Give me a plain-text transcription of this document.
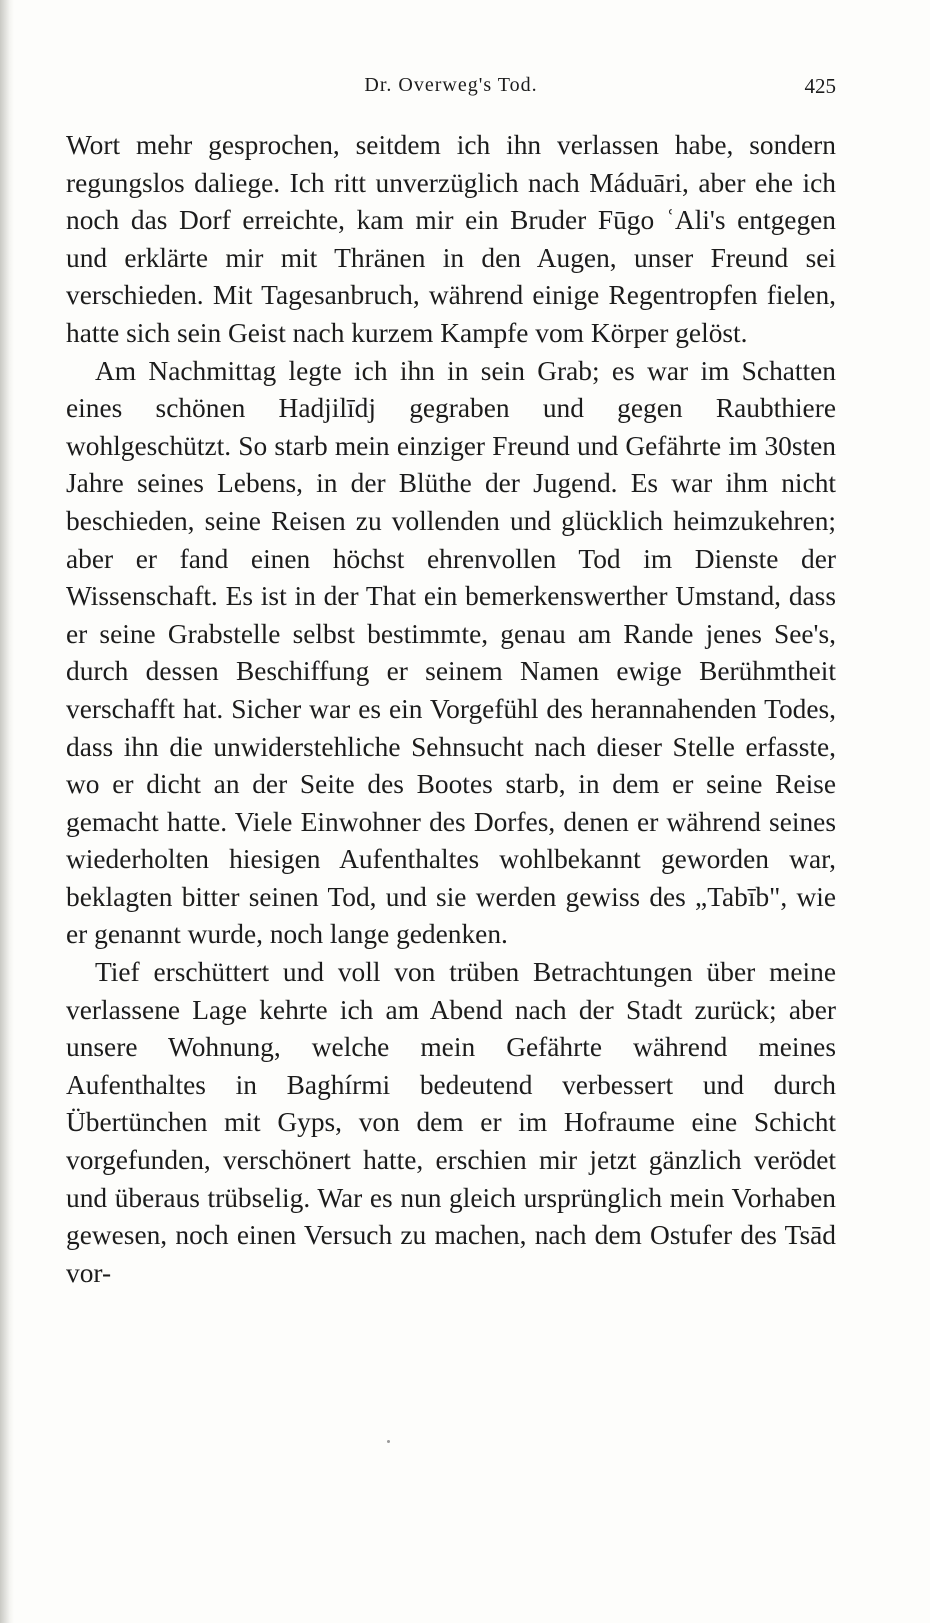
Dr. Overweg's Tod.	425

Wort mehr gesprochen, seitdem ich ihn verlassen habe, sondern regungslos daliege. Ich ritt unverzüglich nach Máduāri, aber ehe ich noch das Dorf erreichte, kam mir ein Bruder Fūgo ʿAli's entgegen und erklärte mir mit Thränen in den Augen, unser Freund sei verschieden. Mit Tagesanbruch, während einige Regentropfen fielen, hatte sich sein Geist nach kurzem Kampfe vom Körper gelöst.

Am Nachmittag legte ich ihn in sein Grab; es war im Schatten eines schönen Hadjilīdj gegraben und gegen Raubthiere wohlgeschützt. So starb mein einziger Freund und Gefährte im 30sten Jahre seines Lebens, in der Blüthe der Jugend. Es war ihm nicht beschieden, seine Reisen zu vollenden und glücklich heimzukehren; aber er fand einen höchst ehrenvollen Tod im Dienste der Wissenschaft. Es ist in der That ein bemerkenswerther Umstand, dass er seine Grabstelle selbst bestimmte, genau am Rande jenes See's, durch dessen Beschiffung er seinem Namen ewige Berühmtheit verschafft hat. Sicher war es ein Vorgefühl des herannahenden Todes, dass ihn die unwiderstehliche Sehnsucht nach dieser Stelle erfasste, wo er dicht an der Seite des Bootes starb, in dem er seine Reise gemacht hatte. Viele Einwohner des Dorfes, denen er während seines wiederholten hiesigen Aufenthaltes wohlbekannt geworden war, beklagten bitter seinen Tod, und sie werden gewiss des „Tabīb", wie er genannt wurde, noch lange gedenken.

Tief erschüttert und voll von trüben Betrachtungen über meine verlassene Lage kehrte ich am Abend nach der Stadt zurück; aber unsere Wohnung, welche mein Gefährte während meines Aufenthaltes in Baghírmi bedeutend verbessert und durch Übertünchen mit Gyps, von dem er im Hofraume eine Schicht vorgefunden, verschönert hatte, erschien mir jetzt gänzlich verödet und überaus trübselig. War es nun gleich ursprünglich mein Vorhaben gewesen, noch einen Versuch zu machen, nach dem Ostufer des Tsād vor-
